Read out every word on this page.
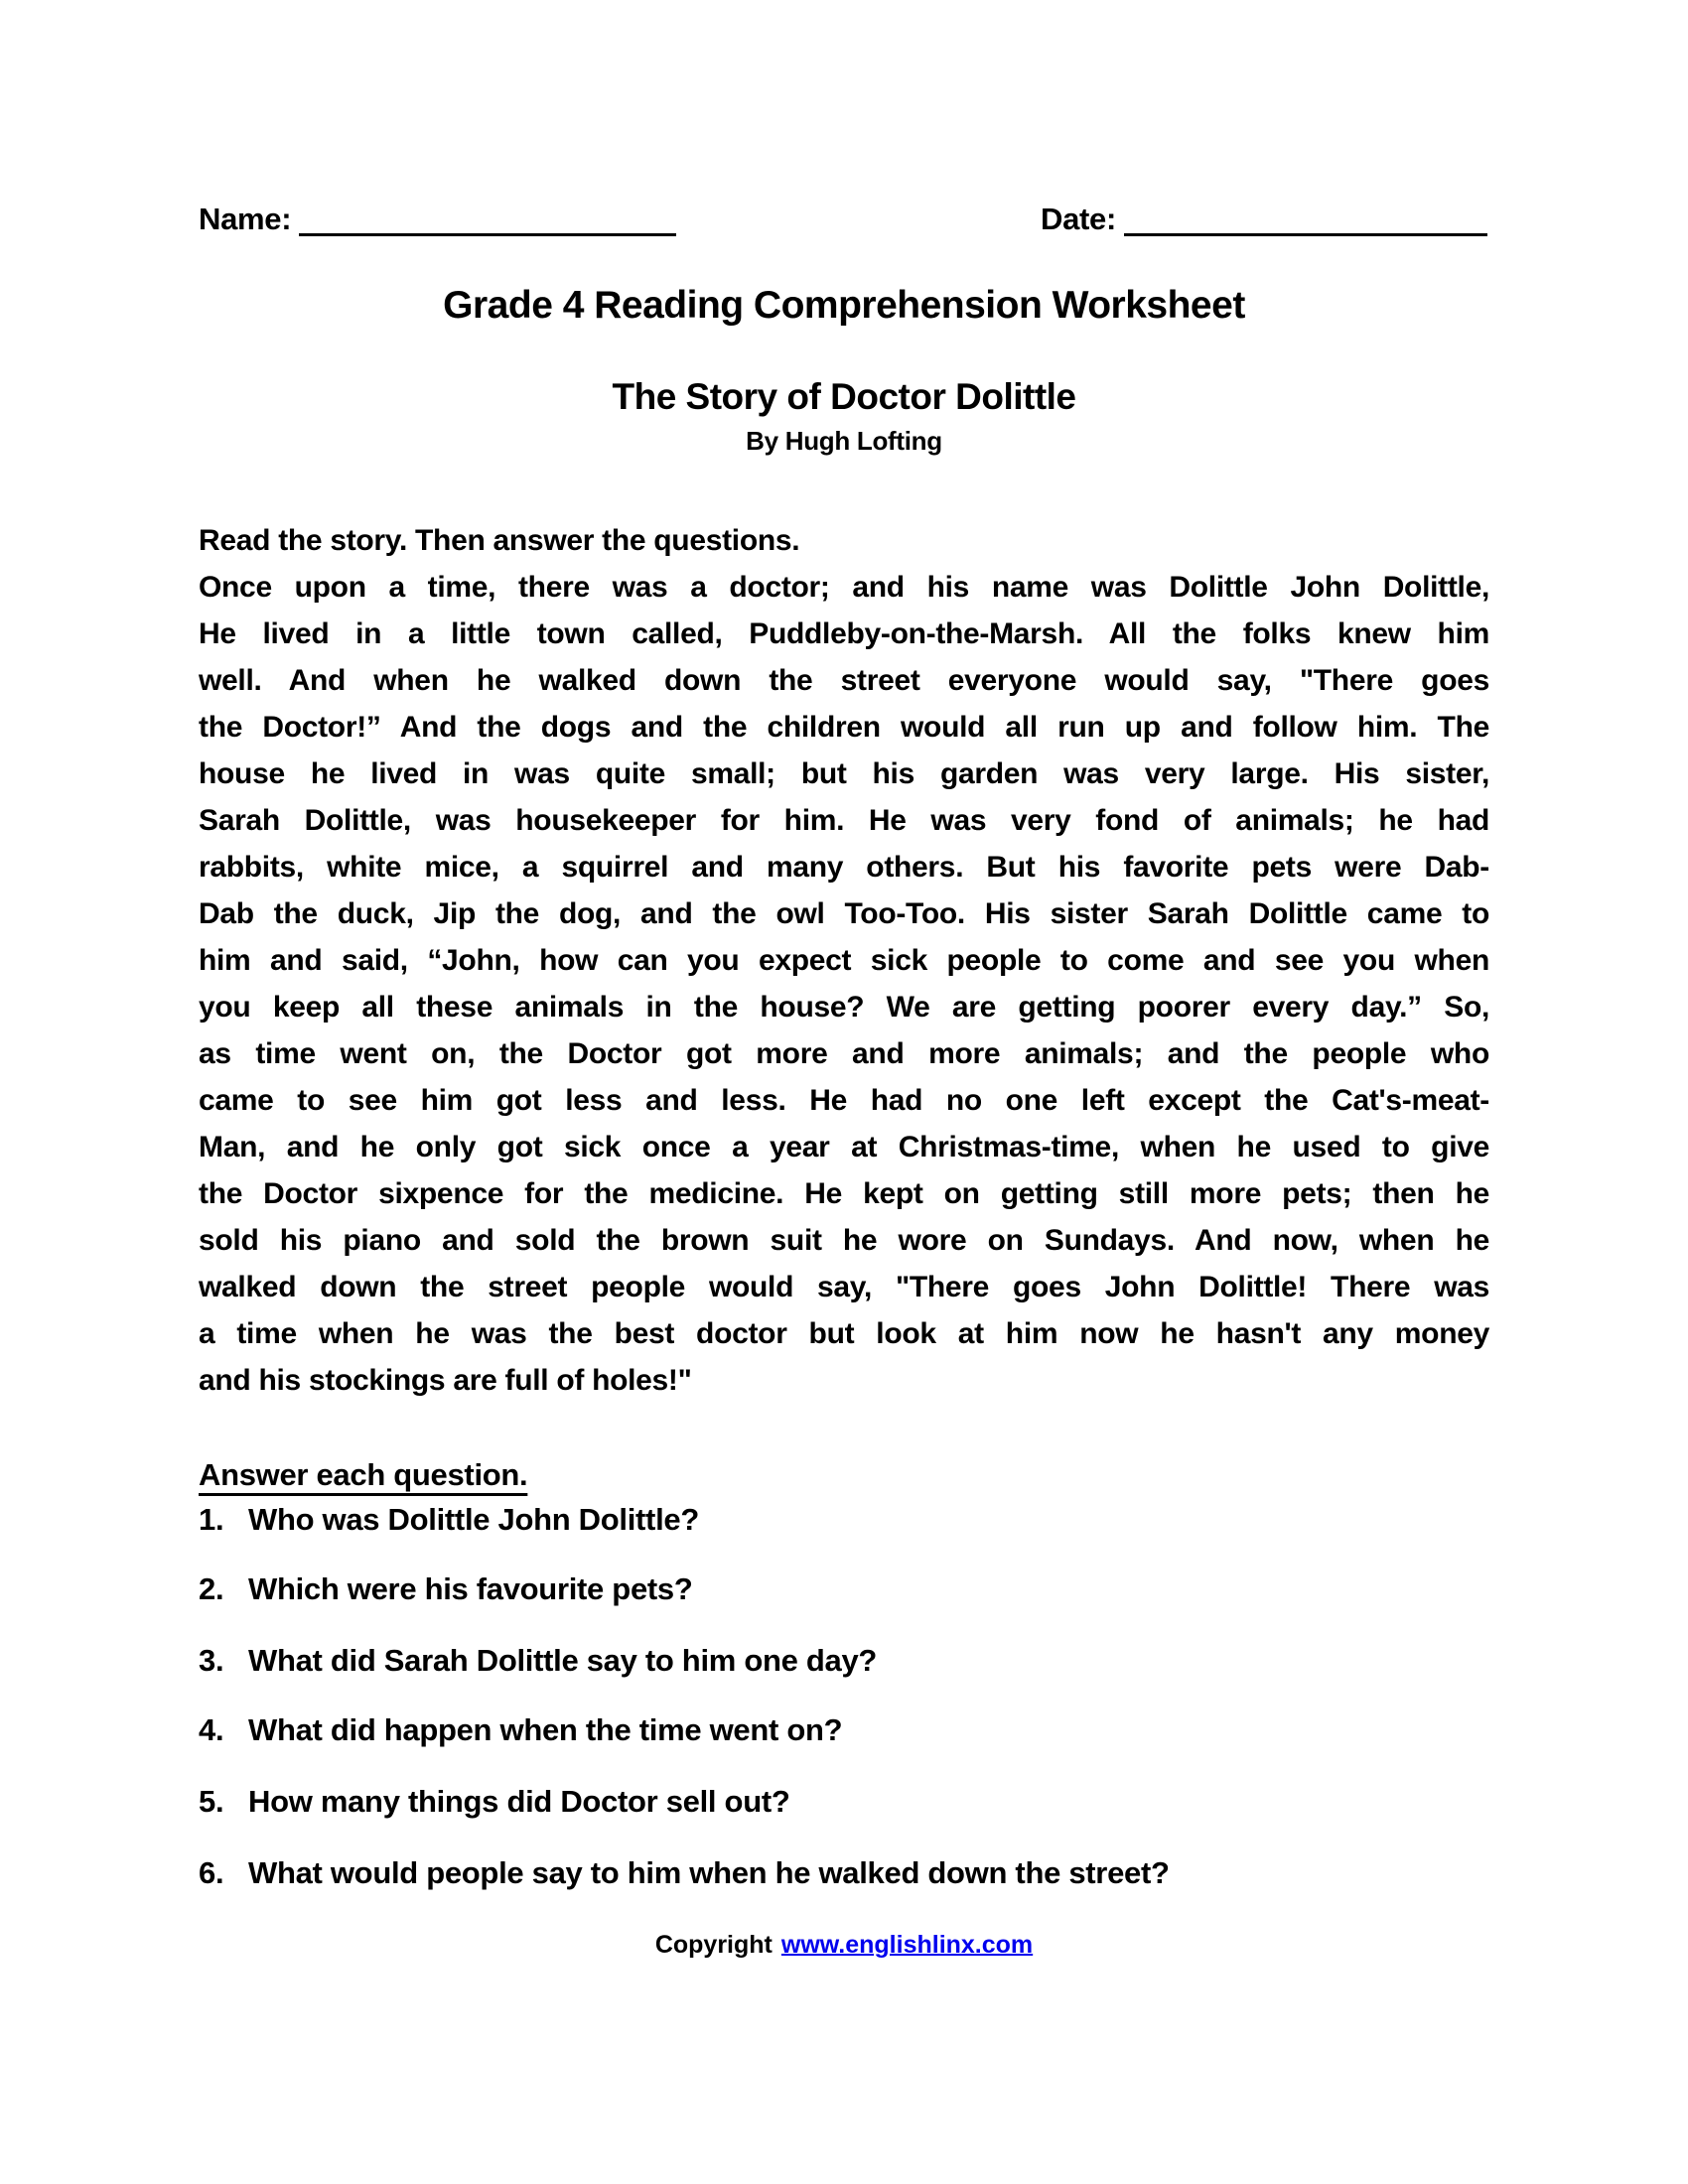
Name:	Date:
Grade 4 Reading Comprehension Worksheet
The Story of Doctor Dolittle
By Hugh Lofting
Read the story. Then answer the questions.
Once upon a time, there was a doctor; and his name was Dolittle John Dolittle,
He lived in a little town called, Puddleby-on-the-Marsh. All the folks knew him
well. And when he walked down the street everyone would say, "There goes
the Doctor!” And the dogs and the children would all run up and follow him. The
house he lived in was quite small; but his garden was very large. His sister,
Sarah Dolittle, was housekeeper for him. He was very fond of animals; he had
rabbits, white mice, a squirrel and many others. But his favorite pets were Dab-
Dab the duck, Jip the dog, and the owl Too-Too. His sister Sarah Dolittle came to
him and said, “John, how can you expect sick people to come and see you when
you keep all these animals in the house? We are getting poorer every day.” So,
as time went on, the Doctor got more and more animals; and the people who
came to see him got less and less. He had no one left except the Cat's-meat-
Man, and he only got sick once a year at Christmas-time, when he used to give
the Doctor sixpence for the medicine. He kept on getting still more pets; then he
sold his piano and sold the brown suit he wore on Sundays. And now, when he
walked down the street people would say, "There goes John Dolittle! There was
a time when he was the best doctor but look at him now he hasn't any money
and his stockings are full of holes!"
Answer each question.
1. Who was Dolittle John Dolittle?
2. Which were his favourite pets?
3. What did Sarah Dolittle say to him one day?
4. What did happen when the time went on?
5. How many things did Doctor sell out?
6. What would people say to him when he walked down the street?
Copyright www.englishlinx.com
